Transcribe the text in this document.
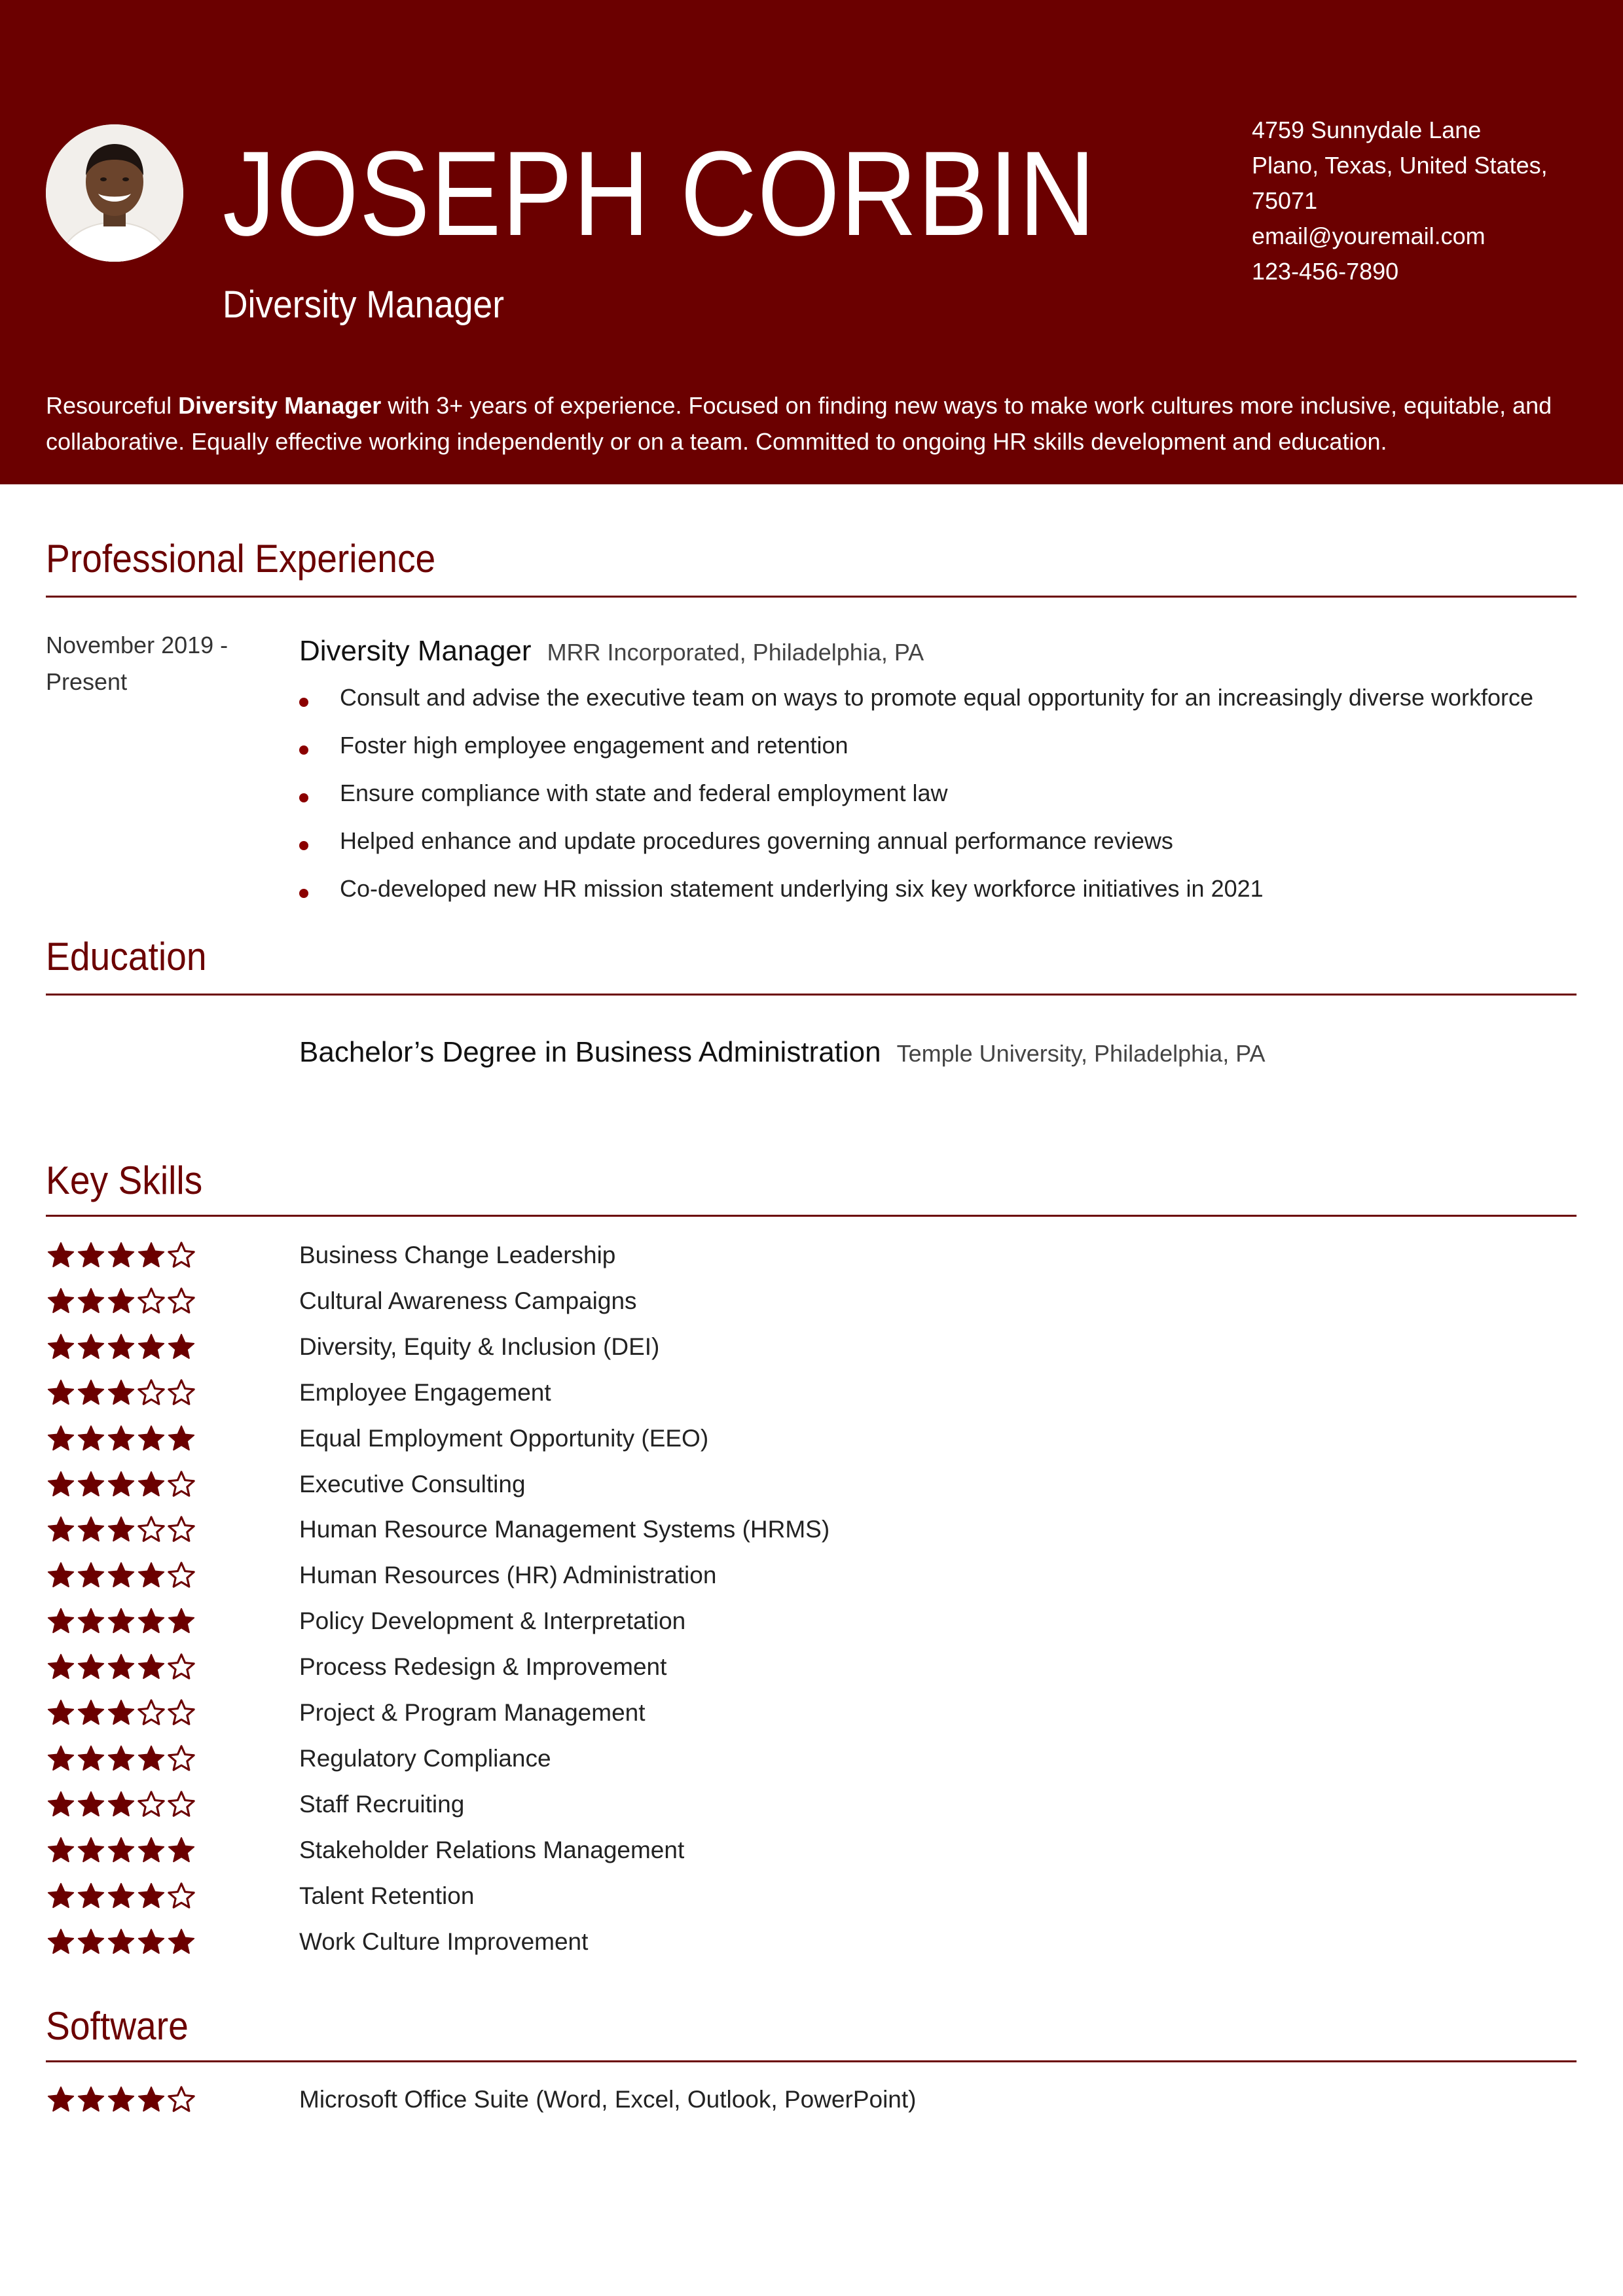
JOSEPH CORBIN
Diversity Manager
4759 Sunnydale Lane
Plano, Texas, United States, 75071
email@youremail.com
123-456-7890
Resourceful Diversity Manager with 3+ years of experience. Focused on finding new ways to make work cultures more inclusive, equitable, and collaborative. Equally effective working independently or on a team. Committed to ongoing HR skills development and education.
Professional Experience
November 2019 - Present
Diversity Manager MRR Incorporated, Philadelphia, PA
Consult and advise the executive team on ways to promote equal opportunity for an increasingly diverse workforce
Foster high employee engagement and retention
Ensure compliance with state and federal employment law
Helped enhance and update procedures governing annual performance reviews
Co-developed new HR mission statement underlying six key workforce initiatives in 2021
Education
Bachelor’s Degree in Business Administration Temple University, Philadelphia, PA
Key Skills
Business Change Leadership
Cultural Awareness Campaigns
Diversity, Equity & Inclusion (DEI)
Employee Engagement
Equal Employment Opportunity (EEO)
Executive Consulting
Human Resource Management Systems (HRMS)
Human Resources (HR) Administration
Policy Development & Interpretation
Process Redesign & Improvement
Project & Program Management
Regulatory Compliance
Staff Recruiting
Stakeholder Relations Management
Talent Retention
Work Culture Improvement
Software
Microsoft Office Suite (Word, Excel, Outlook, PowerPoint)
